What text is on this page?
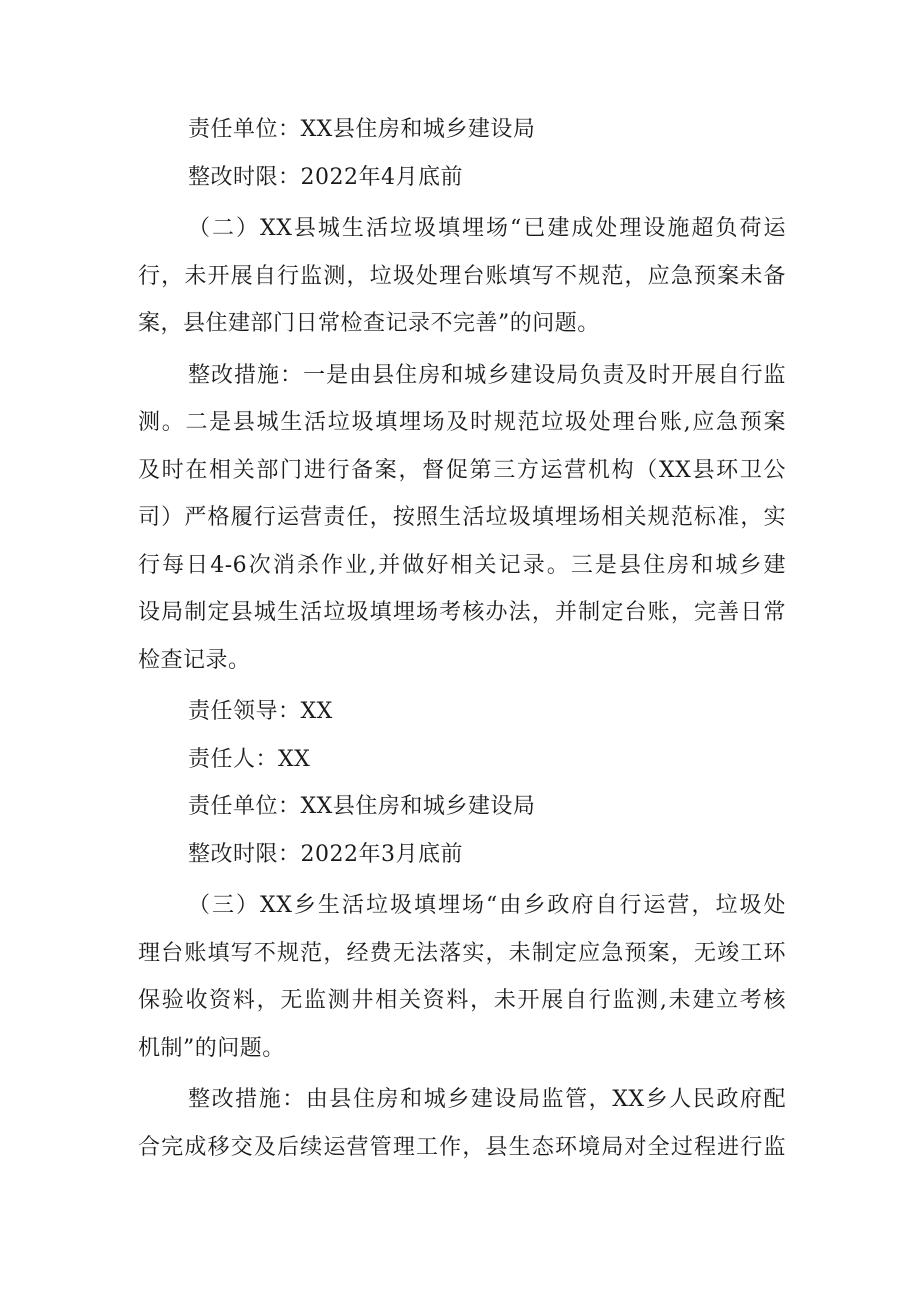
责任单位：XX县住房和城乡建设局
整改时限：2022年4月底前
（二）XX县城生活垃圾填埋场“已建成处理设施超负荷运
行，未开展自行监测，垃圾处理台账填写不规范，应急预案未备
案，县住建部门日常检查记录不完善”的问题。
整改措施：一是由县住房和城乡建设局负责及时开展自行监
测。二是县城生活垃圾填埋场及时规范垃圾处理台账,应急预案
及时在相关部门进行备案，督促第三方运营机构（XX县环卫公
司）严格履行运营责任，按照生活垃圾填埋场相关规范标准，实
行每日4-6次消杀作业,并做好相关记录。三是县住房和城乡建
设局制定县城生活垃圾填埋场考核办法，并制定台账，完善日常
检查记录。
责任领导：XX
责任人：XX
责任单位：XX县住房和城乡建设局
整改时限：2022年3月底前
（三）XX乡生活垃圾填埋场“由乡政府自行运营，垃圾处
理台账填写不规范，经费无法落实，未制定应急预案，无竣工环
保验收资料，无监测井相关资料，未开展自行监测,未建立考核
机制”的问题。
整改措施：由县住房和城乡建设局监管，XX乡人民政府配
合完成移交及后续运营管理工作，县生态环境局对全过程进行监
